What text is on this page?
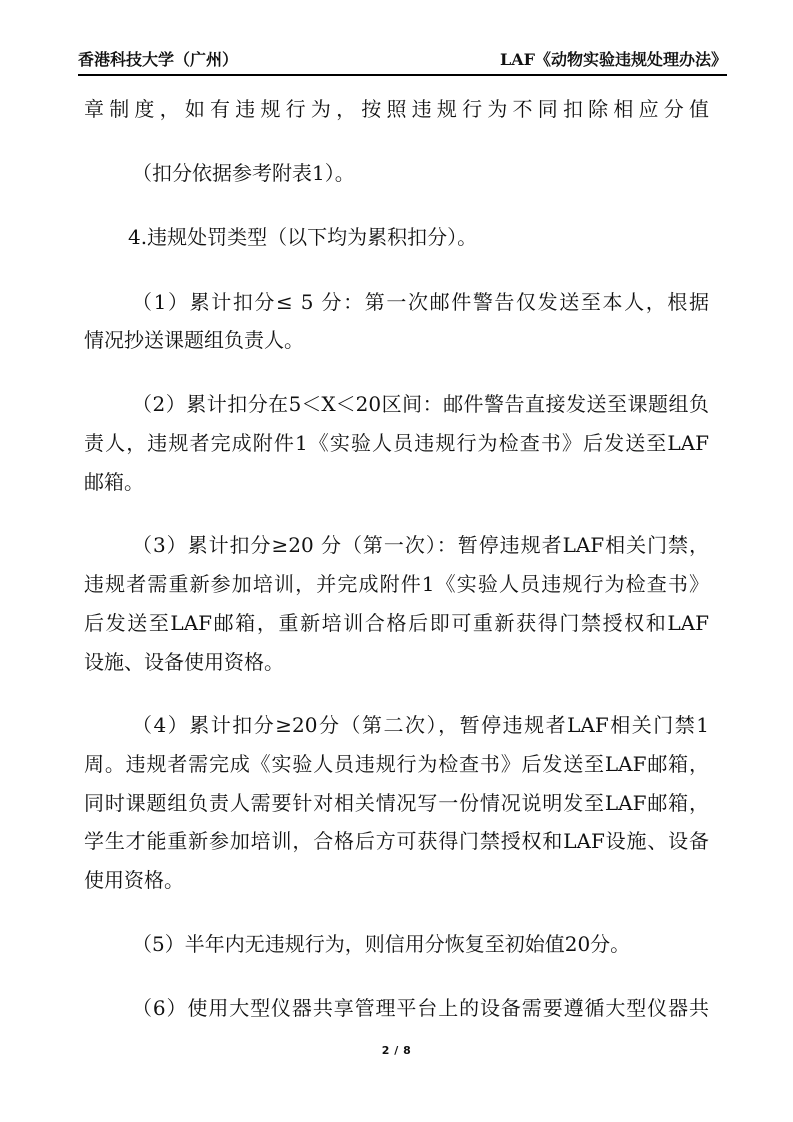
香港科技大学（广州）	LAF《动物实验违规处理办法》
章制度，如有违规行为，按照违规行为不同扣除相应分值
（扣分依据参考附表1）。
4.违规处罚类型（以下均为累积扣分）。
（1）累计扣分≤ 5 分：第一次邮件警告仅发送至本人，根据
情况抄送课题组负责人。
（2）累计扣分在5＜X＜20区间：邮件警告直接发送至课题组负
责人，违规者完成附件1《实验人员违规行为检查书》后发送至LAF
邮箱。
（3）累计扣分≥20 分（第一次）：暂停违规者LAF相关门禁，
违规者需重新参加培训，并完成附件1《实验人员违规行为检查书》
后发送至LAF邮箱，重新培训合格后即可重新获得门禁授权和LAF
设施、设备使用资格。
（4）累计扣分≥20分（第二次），暂停违规者LAF相关门禁1
周。违规者需完成《实验人员违规行为检查书》后发送至LAF邮箱，
同时课题组负责人需要针对相关情况写一份情况说明发至LAF邮箱，
学生才能重新参加培训，合格后方可获得门禁授权和LAF设施、设备
使用资格。
（5）半年内无违规行为，则信用分恢复至初始值20分。
（6）使用大型仪器共享管理平台上的设备需要遵循大型仪器共
2 / 8
